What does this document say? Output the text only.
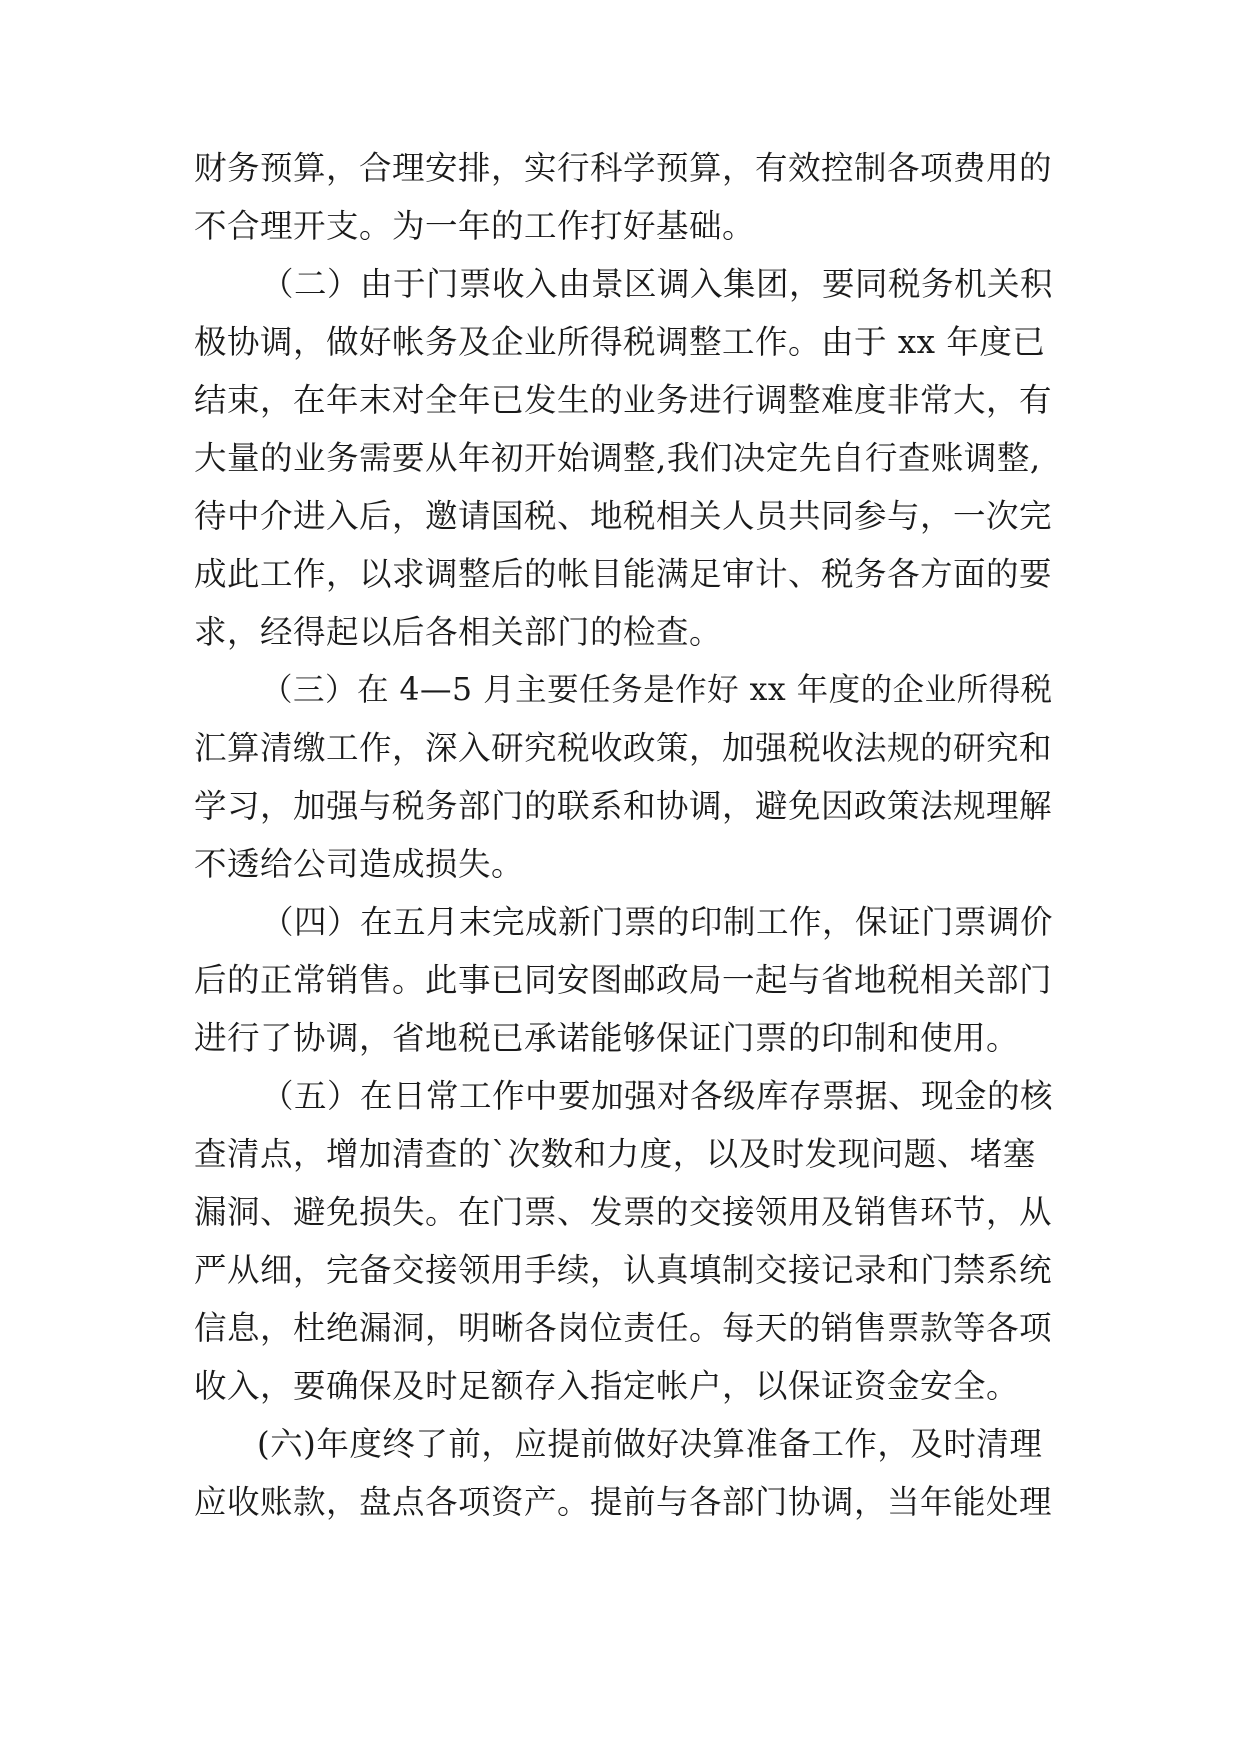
财务预算，合理安排，实行科学预算，有效控制各项费用的
不合理开支。为一年的工作打好基础。
（二）由于门票收入由景区调入集团，要同税务机关积
极协调，做好帐务及企业所得税调整工作。由于 xx 年度已
结束，在年末对全年已发生的业务进行调整难度非常大，有
大量的业务需要从年初开始调整,我们决定先自行查账调整,
待中介进入后，邀请国税、地税相关人员共同参与，一次完
成此工作，以求调整后的帐目能满足审计、税务各方面的要
求，经得起以后各相关部门的检查。
（三）在 4—5 月主要任务是作好 xx 年度的企业所得税
汇算清缴工作，深入研究税收政策，加强税收法规的研究和
学习，加强与税务部门的联系和协调，避免因政策法规理解
不透给公司造成损失。
（四）在五月末完成新门票的印制工作，保证门票调价
后的正常销售。此事已同安图邮政局一起与省地税相关部门
进行了协调，省地税已承诺能够保证门票的印制和使用。
（五）在日常工作中要加强对各级库存票据、现金的核
查清点，增加清查的`次数和力度，以及时发现问题、堵塞
漏洞、避免损失。在门票、发票的交接领用及销售环节，从
严从细，完备交接领用手续，认真填制交接记录和门禁系统
信息，杜绝漏洞，明晰各岗位责任。每天的销售票款等各项
收入，要确保及时足额存入指定帐户，以保证资金安全。
(六)年度终了前，应提前做好决算准备工作，及时清理
应收账款，盘点各项资产。提前与各部门协调，当年能处理
